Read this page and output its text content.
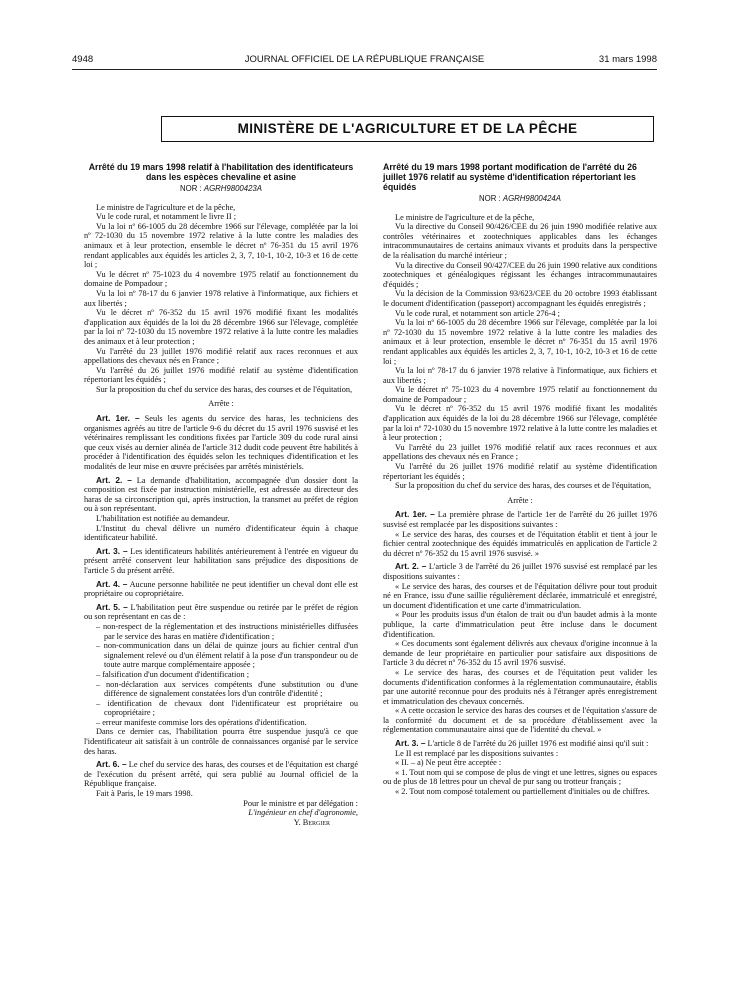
4948	JOURNAL OFFICIEL DE LA RÉPUBLIQUE FRANÇAISE	31 mars 1998
MINISTÈRE DE L'AGRICULTURE ET DE LA PÊCHE
Arrêté du 19 mars 1998 relatif à l'habilitation des identificateurs dans les espèces chevaline et asine
NOR : AGRH9800423A

Le ministre de l'agriculture et de la pêche,

Vu le code rural, et notamment le livre II ;

Vu la loi nº 66-1005 du 28 décembre 1966 sur l'élevage, complétée par la loi nº 72-1030 du 15 novembre 1972 relative à la lutte contre les maladies des animaux et à leur protection, ensemble le décret nº 76-351 du 15 avril 1976 rendant applicables aux équidés les articles 2, 3, 7, 10-1, 10-2, 10-3 et 16 de cette loi ;

Vu le décret nº 75-1023 du 4 novembre 1975 relatif au fonctionnement du domaine de Pompadour ;

Vu la loi nº 78-17 du 6 janvier 1978 relative à l'informatique, aux fichiers et aux libertés ;

Vu le décret nº 76-352 du 15 avril 1976 modifié fixant les modalités d'application aux équidés de la loi du 28 décembre 1966 sur l'élevage, complétée par la loi nº 72-1030 du 15 novembre 1972 relative à la lutte contre les maladies des animaux et à leur protection ;

Vu l'arrêté du 23 juillet 1976 modifié relatif aux races reconnues et aux appellations des chevaux nés en France ;

Vu l'arrêté du 26 juillet 1976 modifié relatif au système d'identification répertoriant les équidés ;

Sur la proposition du chef du service des haras, des courses et de l'équitation,

Arrête :

Art. 1er. – Seuls les agents du service des haras, les techniciens des organismes agréés au titre de l'article 9-6 du décret du 15 avril 1976 susvisé et les vétérinaires remplissant les conditions fixées par l'article 309 du code rural ainsi que ceux visés au dernier alinéa de l'article 312 dudit code peuvent être habilités à procéder à l'identification des équidés selon les techniques d'identification et les modalités de leur mise en œuvre précisées par arrêtés ministériels.

Art. 2. – La demande d'habilitation, accompagnée d'un dossier dont la composition est fixée par instruction ministérielle, est adressée au directeur des haras de sa circonscription qui, après instruction, la transmet au préfet de région ou à son représentant.

L'habilitation est notifiée au demandeur.

L'Institut du cheval délivre un numéro d'identificateur équin à chaque identificateur habilité.

Art. 3. – Les identificateurs habilités antérieurement à l'entrée en vigueur du présent arrêté conservent leur habilitation sans préjudice des dispositions de l'article 5 du présent arrêté.

Art. 4. – Aucune personne habilitée ne peut identifier un cheval dont elle est propriétaire ou copropriétaire.

Art. 5. – L'habilitation peut être suspendue ou retirée par le préfet de région ou son représentant en cas de :

– non-respect de la réglementation et des instructions ministérielles diffusées par le service des haras en matière d'identification ;
– non-communication dans un délai de quinze jours au fichier central d'un signalement relevé ou d'un élément relatif à la pose d'un transpondeur ou de toute autre marque complémentaire apposée ;
– falsification d'un document d'identification ;
– non-déclaration aux services compétents d'une substitution ou d'une différence de signalement constatées lors d'un contrôle d'identité ;
– identification de chevaux dont l'identificateur est propriétaire ou copropriétaire ;
– erreur manifeste commise lors des opérations d'identification.

Dans ce dernier cas, l'habilitation pourra être suspendue jusqu'à ce que l'identificateur ait satisfait à un contrôle de connaissances organisé par le service des haras.

Art. 6. – Le chef du service des haras, des courses et de l'équitation est chargé de l'exécution du présent arrêté, qui sera publié au Journal officiel de la République française.

Fait à Paris, le 19 mars 1998.

Pour le ministre et par délégation :

L'ingénieur en chef d'agronomie,

Y. Bergier

Arrêté du 19 mars 1998 portant modification de l'arrêté du 26 juillet 1976 relatif au système d'identification répertoriant les équidés
NOR : AGRH9800424A

Le ministre de l'agriculture et de la pêche,

Vu la directive du Conseil 90/426/CEE du 26 juin 1990 modifiée relative aux contrôles vétérinaires et zootechniques applicables dans les échanges intracommunautaires de certains animaux vivants et produits dans la perspective de la réalisation du marché intérieur ;

Vu la directive du Conseil 90/427/CEE du 26 juin 1990 relative aux conditions zootechniques et généalogiques régissant les échanges intracommunautaires d'équidés ;

Vu la décision de la Commission 93/623/CEE du 20 octobre 1993 établissant le document d'identification (passeport) accompagnant les équidés enregistrés ;

Vu le code rural, et notamment son article 276-4 ;

Vu la loi nº 66-1005 du 28 décembre 1966 sur l'élevage, complétée par la loi nº 72-1030 du 15 novembre 1972 relative à la lutte contre les maladies des animaux et à leur protection, ensemble le décret nº 76-351 du 15 avril 1976 rendant applicables aux équidés les articles 2, 3, 7, 10-1, 10-2, 10-3 et 16 de cette loi ;

Vu la loi nº 78-17 du 6 janvier 1978 relative à l'informatique, aux fichiers et aux libertés ;

Vu le décret nº 75-1023 du 4 novembre 1975 relatif au fonctionnement du domaine de Pompadour ;

Vu le décret nº 76-352 du 15 avril 1976 modifié fixant les modalités d'application aux équidés de la loi du 28 décembre 1966 sur l'élevage, complétée par la loi nº 72-1030 du 15 novembre 1972 relative à la lutte contre les maladies et à leur protection ;

Vu l'arrêté du 23 juillet 1976 modifié relatif aux races reconnues et aux appellations des chevaux nés en France ;

Vu l'arrêté du 26 juillet 1976 modifié relatif au système d'identification répertoriant les équidés ;

Sur la proposition du chef du service des haras, des courses et de l'équitation,

Arrête :

Art. 1er. – La première phrase de l'article 1er de l'arrêté du 26 juillet 1976 susvisé est remplacée par les dispositions suivantes :

« Le service des haras, des courses et de l'équitation établit et tient à jour le fichier central zootechnique des équidés immatriculés en application de l'article 2 du décret nº 76-352 du 15 avril 1976 susvisé. »

Art. 2. – L'article 3 de l'arrêté du 26 juillet 1976 susvisé est remplacé par les dispositions suivantes :

« Le service des haras, des courses et de l'équitation délivre pour tout produit né en France, issu d'une saillie régulièrement déclarée, immatriculé et enregistré, un document d'identification et une carte d'immatriculation.

« Pour les produits issus d'un étalon de trait ou d'un baudet admis à la monte publique, la carte d'immatriculation peut être incluse dans le document d'identification.

« Ces documents sont également délivrés aux chevaux d'origine inconnue à la demande de leur propriétaire en particulier pour satisfaire aux dispositions de l'article 3 du décret nº 76-352 du 15 avril 1976 susvisé.

« Le service des haras, des courses et de l'équitation peut valider les documents d'identification conformes à la réglementation communautaire, établis par une autorité reconnue pour des produits nés à l'étranger après enregistrement et immatriculation des chevaux concernés.

« A cette occasion le service des haras des courses et de l'équitation s'assure de la conformité du document et de sa procédure d'établissement avec la réglementation communautaire ainsi que de l'identité du cheval. »

Art. 3. – L'article 8 de l'arrêté du 26 juillet 1976 est modifié ainsi qu'il suit :

Le II est remplacé par les dispositions suivantes :

« II. – a) Ne peut être acceptée :

« 1. Tout nom qui se compose de plus de vingt et une lettres, signes ou espaces ou de plus de 18 lettres pour un cheval de pur sang ou trotteur français ;

« 2. Tout nom composé totalement ou partiellement d'initiales ou de chiffres.
